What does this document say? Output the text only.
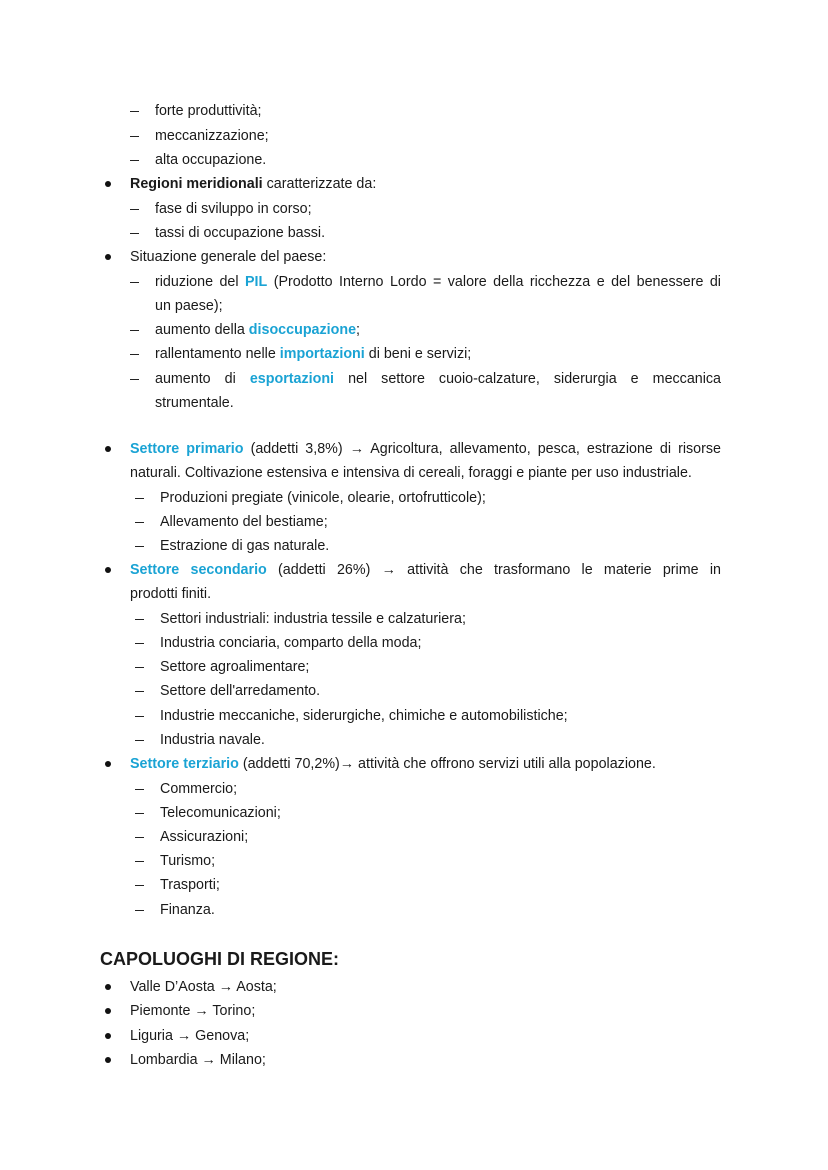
forte produttività;
meccanizzazione;
alta occupazione.
Regioni meridionali caratterizzate da:
fase di sviluppo in corso;
tassi di occupazione bassi.
Situazione generale del paese:
riduzione del PIL (Prodotto Interno Lordo = valore della ricchezza e del benessere di
un paese);
aumento della disoccupazione;
rallentamento nelle importazioni di beni e servizi;
aumento di esportazioni nel settore cuoio-calzature, siderurgia e meccanica
strumentale.
Settore primario (addetti 3,8%) → Agricoltura, allevamento, pesca, estrazione di risorse
naturali. Coltivazione estensiva e intensiva di cereali, foraggi e piante per uso industriale.
Produzioni pregiate (vinicole, olearie, ortofrutticole);
Allevamento del bestiame;
Estrazione di gas naturale.
Settore secondario (addetti 26%) → attività che trasformano le materie prime in
prodotti finiti.
Settori industriali: industria tessile e calzaturiera;
Industria conciaria, comparto della moda;
Settore agroalimentare;
Settore dell'arredamento.
Industrie meccaniche, siderurgiche, chimiche e automobilistiche;
Industria navale.
Settore terziario (addetti 70,2%)→ attività che offrono servizi utili alla popolazione.
Commercio;
Telecomunicazioni;
Assicurazioni;
Turismo;
Trasporti;
Finanza.
CAPOLUOGHI DI REGIONE:
Valle D’Aosta → Aosta;
Piemonte → Torino;
Liguria → Genova;
Lombardia → Milano;
